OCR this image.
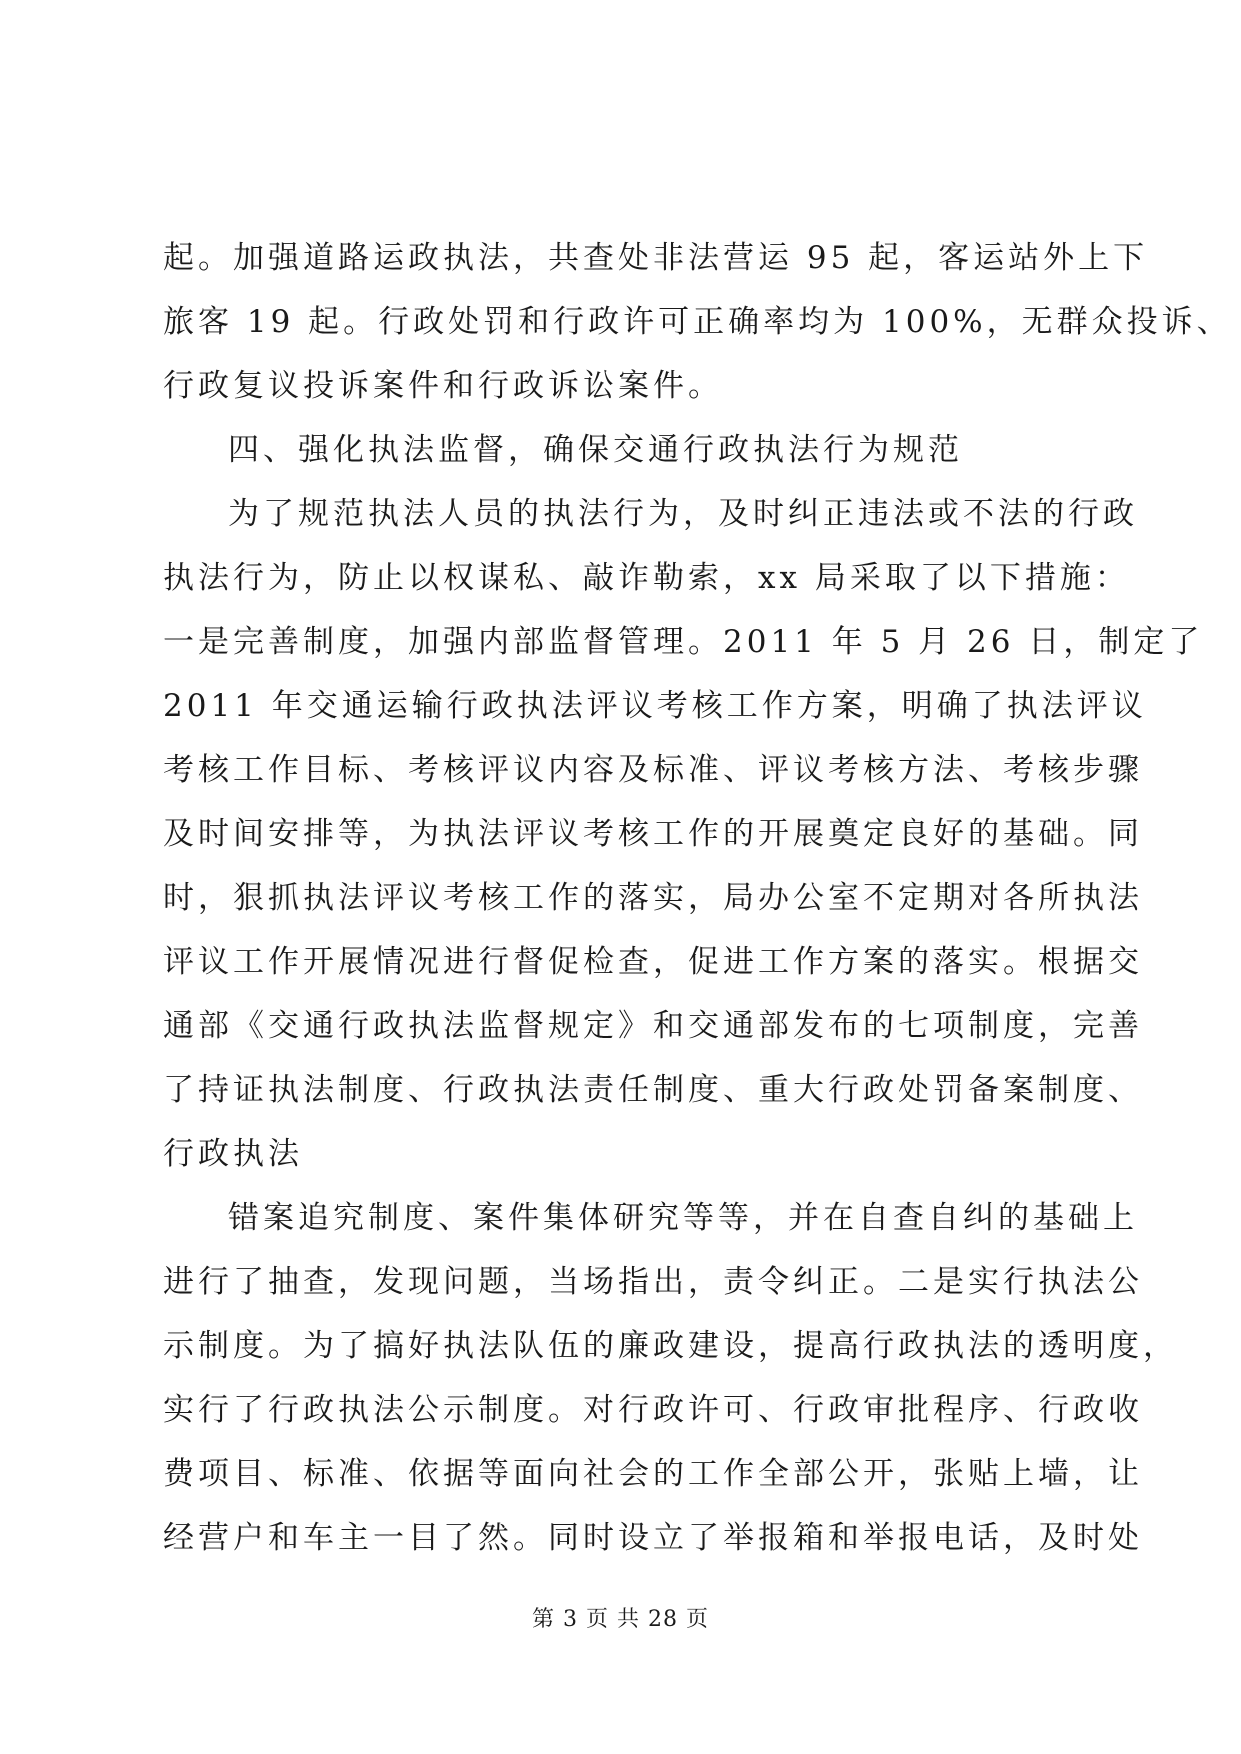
起。加强道路运政执法，共查处非法营运 95 起，客运站外上下
旅客 19 起。行政处罚和行政许可正确率均为 100%，无群众投诉、
行政复议投诉案件和行政诉讼案件。
四、强化执法监督，确保交通行政执法行为规范
为了规范执法人员的执法行为，及时纠正违法或不法的行政
执法行为，防止以权谋私、敲诈勒索，xx 局采取了以下措施：
一是完善制度，加强内部监督管理。2011 年 5 月 26 日，制定了
2011 年交通运输行政执法评议考核工作方案，明确了执法评议
考核工作目标、考核评议内容及标准、评议考核方法、考核步骤
及时间安排等，为执法评议考核工作的开展奠定良好的基础。同
时，狠抓执法评议考核工作的落实，局办公室不定期对各所执法
评议工作开展情况进行督促检查，促进工作方案的落实。根据交
通部《交通行政执法监督规定》和交通部发布的七项制度，完善
了持证执法制度、行政执法责任制度、重大行政处罚备案制度、
行政执法
错案追究制度、案件集体研究等等，并在自查自纠的基础上
进行了抽查，发现问题，当场指出，责令纠正。二是实行执法公
示制度。为了搞好执法队伍的廉政建设，提高行政执法的透明度，
实行了行政执法公示制度。对行政许可、行政审批程序、行政收
费项目、标准、依据等面向社会的工作全部公开，张贴上墙，让
经营户和车主一目了然。同时设立了举报箱和举报电话，及时处
第 3 页 共 28 页
